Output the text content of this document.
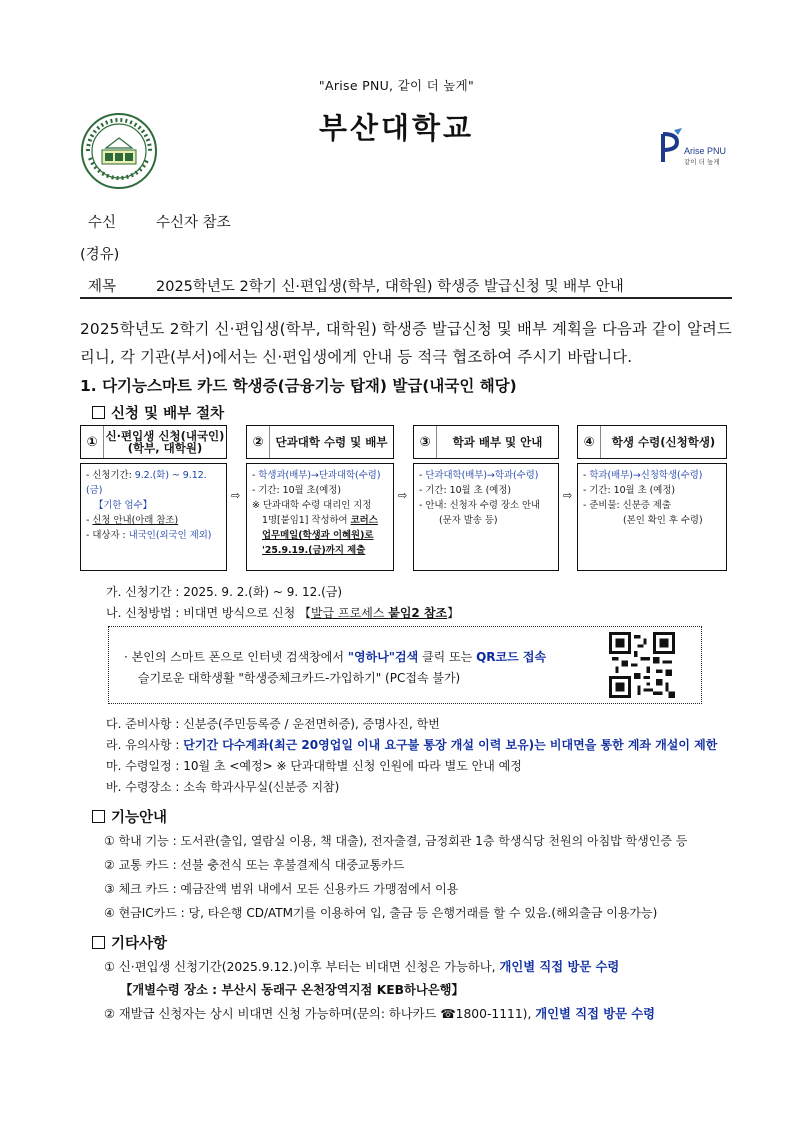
"Arise PNU, 같이 더 높게"
부산대학교
Arise PNU
같이 더 높게
수신	수신자 참조
(경유)
제목	2025학년도 2학기 신·편입생(학부, 대학원) 학생증 발급신청 및 배부 안내
2025학년도 2학기 신·편입생(학부, 대학원) 학생증 발급신청 및 배부 계획을 다음과 같이 알려드리니, 각 기관(부서)에서는 신·편입생에게 안내 등 적극 협조하여 주시기 바랍니다.
1. 다기능스마트 카드 학생증(금융기능 탑재) 발급(내국인 해당)
신청 및 배부 절차
① 신·편입생 신청(내국인)
(학부, 대학원)
- 신청기간: 9.2.(화) ~ 9.12.(금)
【기한 엄수】
- 신청 안내(아래 참조)
- 대상자 : 내국인(외국인 제외)
⇨
②	단과대학 수령 및 배부
- 학생과(배부)→단과대학(수령)
- 기간: 10월 초(예정)
※ 단과대학 수령 대리인 지정
1명[붙임1] 작성하여 코러스
업무메일(학생과 이혜원)로
'25.9.19.(금)까지 제출
⇨
③	학과 배부 및 안내
- 단과대학(배부)→학과(수령)
- 기간: 10월 초 (예정)
- 안내: 신청자 수령 장소 안내
(문자 발송 등)
⇨
④	학생 수령(신청학생)
- 학과(배부)→신청학생(수령)
- 기간: 10월 초 (예정)
- 준비물: 신분증 제출
(본인 확인 후 수령)
가. 신청기간 : 2025. 9. 2.(화) ~ 9. 12.(금)
나. 신청방법 : 비대면 방식으로 신청 【발급 프로세스 붙임2 참조】
· 본인의 스마트 폰으로 인터넷 검색창에서 "영하나"검색 클릭 또는 QR코드 접속
슬기로운 대학생활 "학생증체크카드-가입하기" (PC접속 불가)
다. 준비사항 : 신분증(주민등록증 / 운전면허증), 증명사진, 학번
라. 유의사항 : 단기간 다수계좌(최근 20영업일 이내 요구불 통장 개설 이력 보유)는 비대면을 통한 계좌 개설이 제한
마. 수령일정 : 10월 초 <예정> ※ 단과대학별 신청 인원에 따라 별도 안내 예정
바. 수령장소 : 소속 학과사무실(신분증 지참)
기능안내
① 학내 기능 : 도서관(출입, 열람실 이용, 책 대출), 전자출결, 금정회관 1층 학생식당 천원의 아침밥 학생인증 등
② 교통 카드 : 선불 충전식 또는 후불결제식 대중교통카드
③ 체크 카드 : 예금잔액 범위 내에서 모든 신용카드 가맹점에서 이용
④ 현금IC카드 : 당, 타은행 CD/ATM기를 이용하여 입, 출금 등 은행거래를 할 수 있음.(해외출금 이용가능)
기타사항
① 신·편입생 신청기간(2025.9.12.)이후 부터는 비대면 신청은 가능하나, 개인별 직접 방문 수령
【개별수령 장소 : 부산시 동래구 온천장역지점 KEB하나은행】
② 재발급 신청자는 상시 비대면 신청 가능하며(문의: 하나카드 ☎1800-1111), 개인별 직접 방문 수령
